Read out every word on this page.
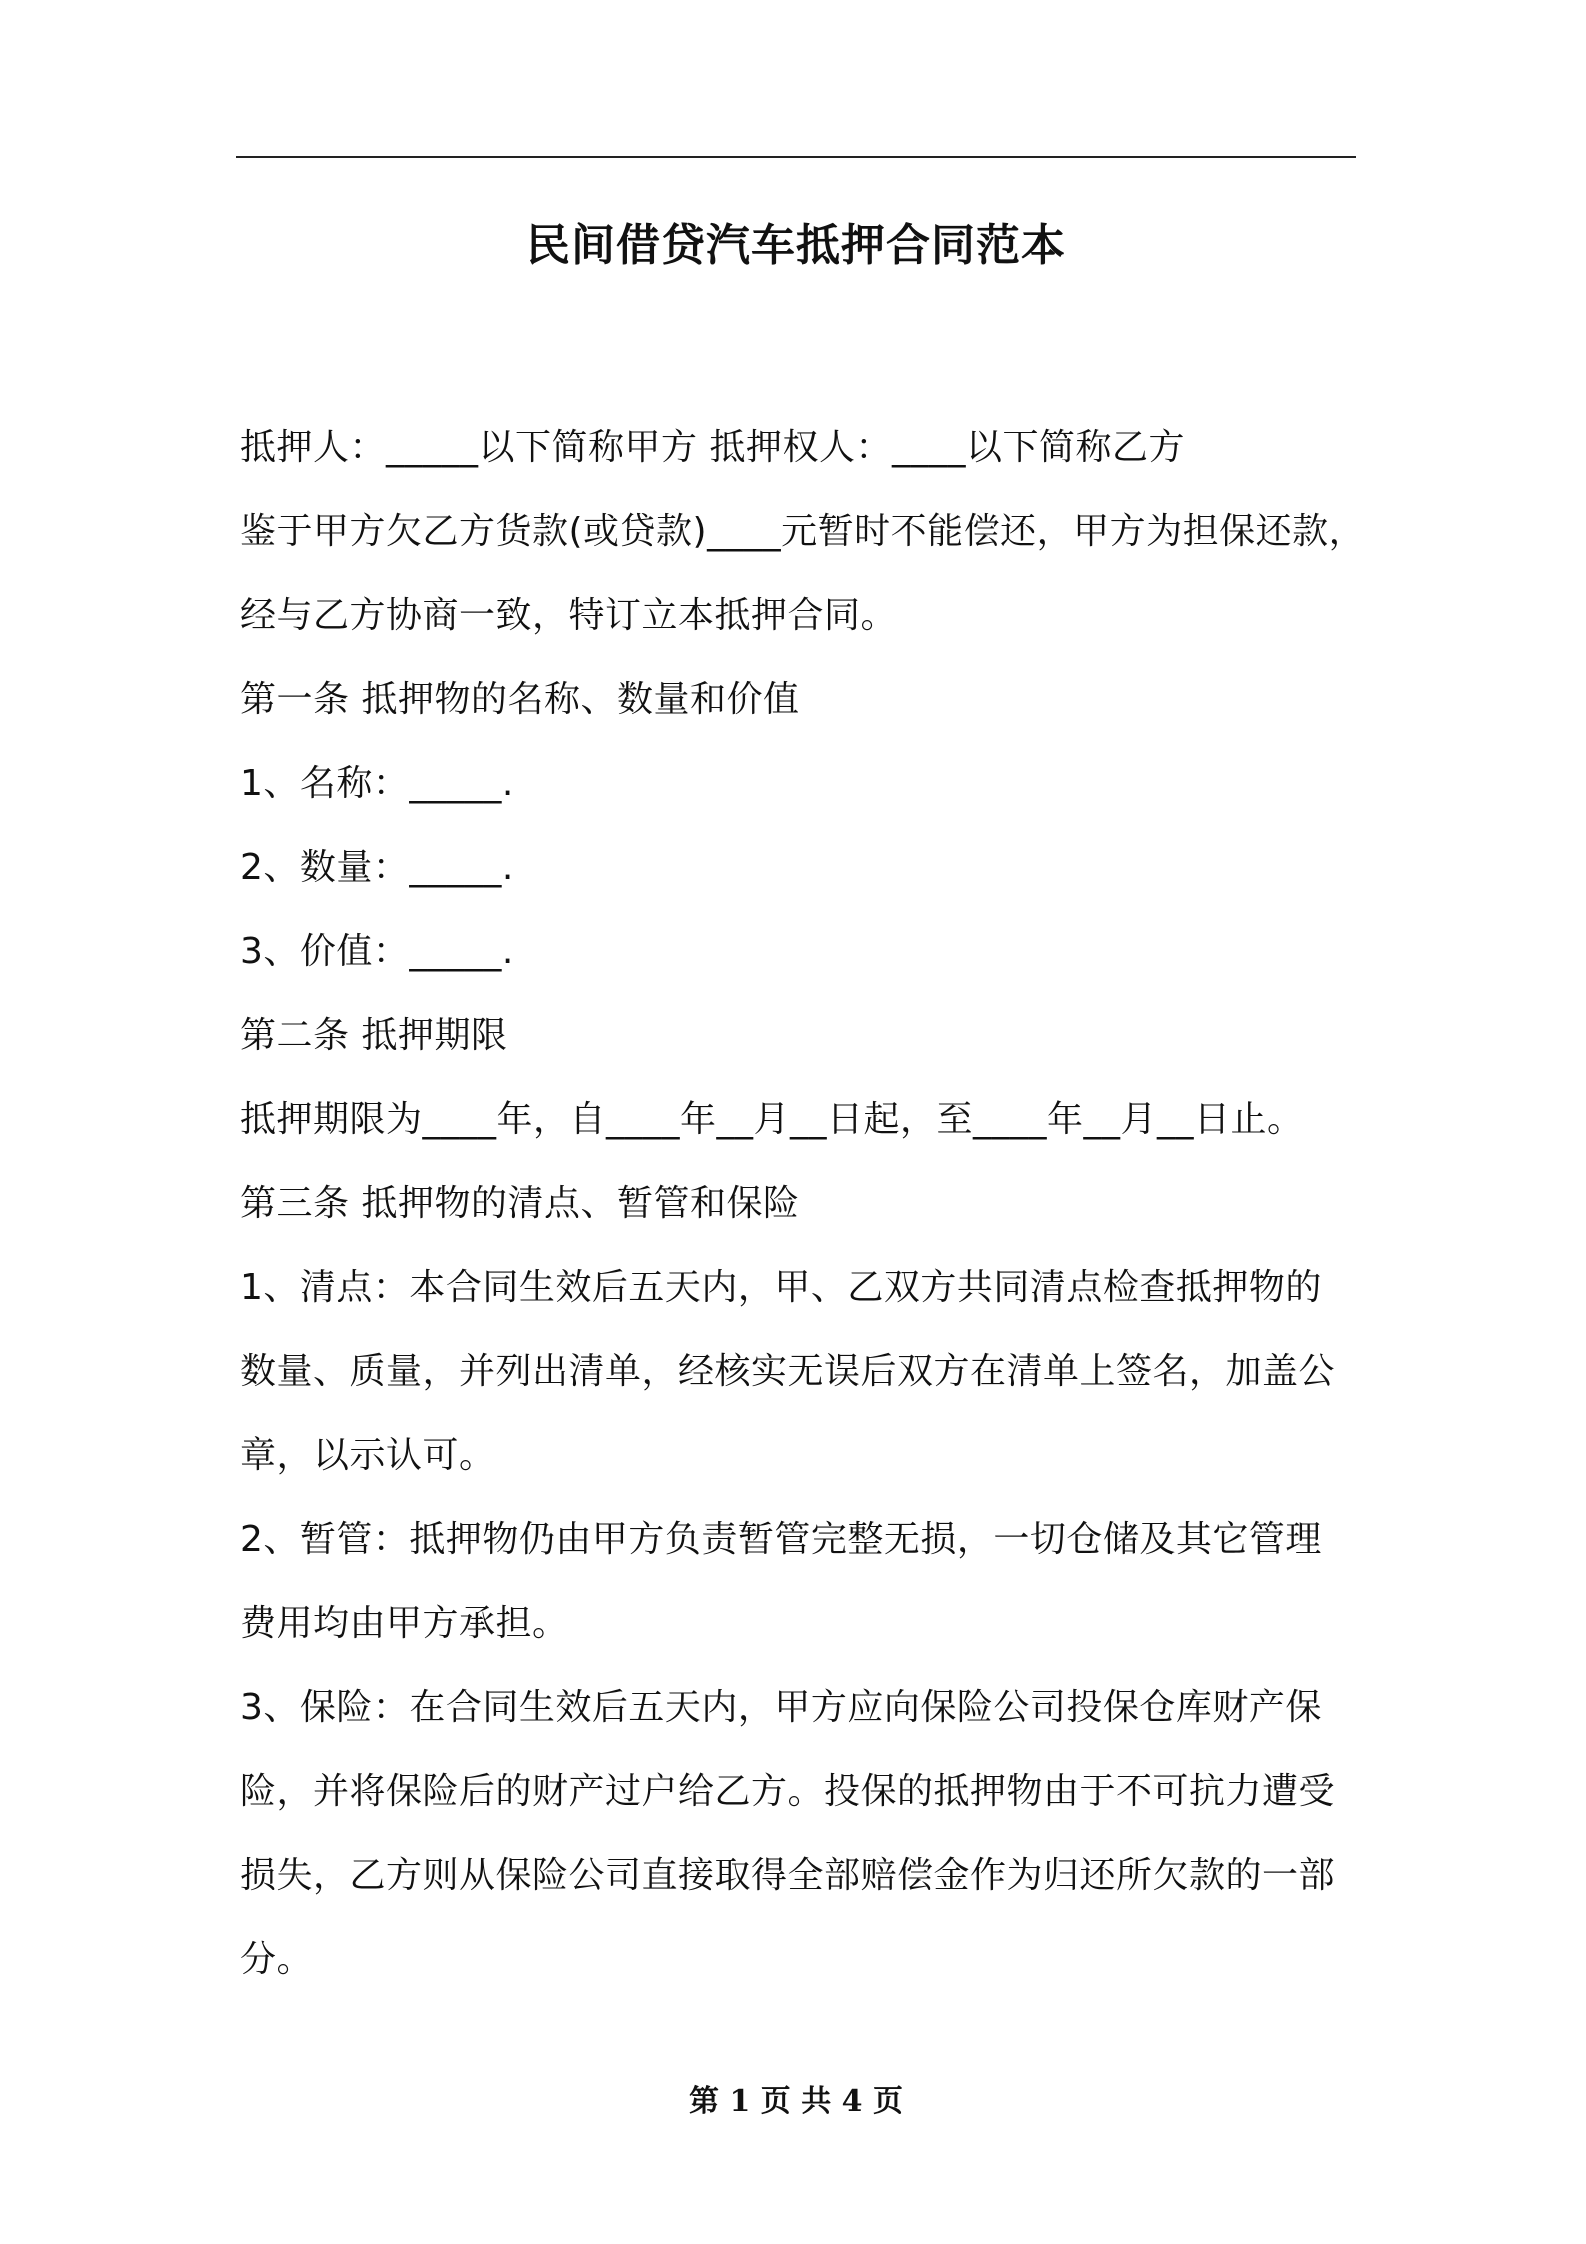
民间借贷汽车抵押合同范本
抵押人：_____以下简称甲方 抵押权人：____以下简称乙方
鉴于甲方欠乙方货款(或贷款)____元暂时不能偿还，甲方为担保还款，
经与乙方协商一致，特订立本抵押合同。
第一条 抵押物的名称、数量和价值
1、名称：_____.
2、数量：_____.
3、价值：_____.
第二条 抵押期限
抵押期限为____年，自____年__月__日起，至____年__月__日止。
第三条 抵押物的清点、暂管和保险
1、清点：本合同生效后五天内，甲、乙双方共同清点检查抵押物的
数量、质量，并列出清单，经核实无误后双方在清单上签名，加盖公
章，以示认可。
2、暂管：抵押物仍由甲方负责暂管完整无损，一切仓储及其它管理
费用均由甲方承担。
3、保险：在合同生效后五天内，甲方应向保险公司投保仓库财产保
险，并将保险后的财产过户给乙方。投保的抵押物由于不可抗力遭受
损失，乙方则从保险公司直接取得全部赔偿金作为归还所欠款的一部
分。
第 1 页 共 4 页
